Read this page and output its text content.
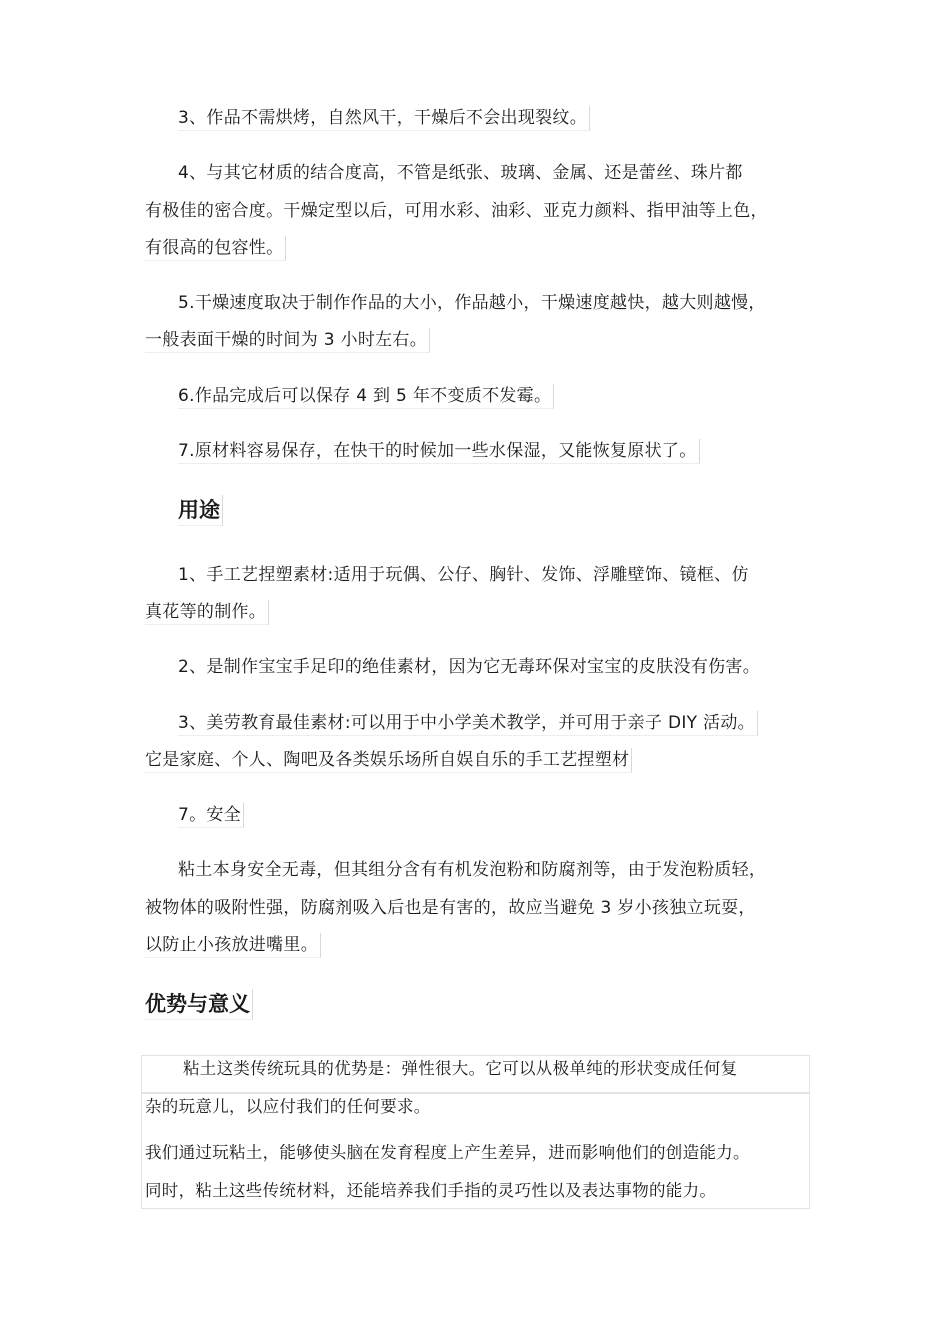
3、作品不需烘烤，自然风干，干燥后不会出现裂纹。
4、与其它材质的结合度高，不管是纸张、玻璃、金属、还是蕾丝、珠片都
有极佳的密合度。干燥定型以后，可用水彩、油彩、亚克力颜料、指甲油等上色，
有很高的包容性。
5.干燥速度取决于制作作品的大小，作品越小，干燥速度越快，越大则越慢，
一般表面干燥的时间为 3 小时左右。
6.作品完成后可以保存 4 到 5 年不变质不发霉。
7.原材料容易保存，在快干的时候加一些水保湿，又能恢复原状了。
用途
1、手工艺捏塑素材:适用于玩偶、公仔、胸针、发饰、浮雕壁饰、镜框、仿
真花等的制作。
2、是制作宝宝手足印的绝佳素材，因为它无毒环保对宝宝的皮肤没有伤害。
3、美劳教育最佳素材:可以用于中小学美术教学，并可用于亲子 DIY 活动。
它是家庭、个人、陶吧及各类娱乐场所自娱自乐的手工艺捏塑材
7。安全
粘土本身安全无毒，但其组分含有有机发泡粉和防腐剂等，由于发泡粉质轻，
被物体的吸附性强，防腐剂吸入后也是有害的，故应当避免 3 岁小孩独立玩耍，
以防止小孩放进嘴里。
优势与意义
粘土这类传统玩具的优势是：弹性很大。它可以从极单纯的形状变成任何复
杂的玩意儿，以应付我们的任何要求。
我们通过玩粘土，能够使头脑在发育程度上产生差异，进而影响他们的创造能力。
同时，粘土这些传统材料，还能培养我们手指的灵巧性以及表达事物的能力。
